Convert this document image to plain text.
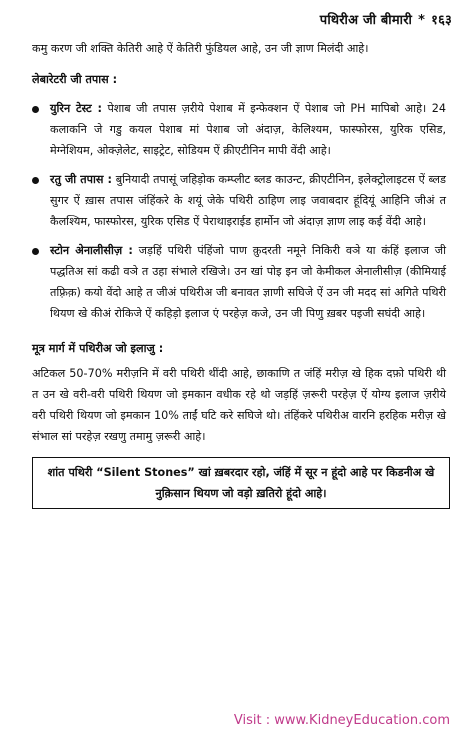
पथिरीअ जी बीमारी * १६३

कमु करण जी शक्ति केतिरी आहे ऐं केतिरी फुंडियल आहे, उन जी ज्ञाण मिलंदी आहे।

लेबारेटरी जी तपास :
युरिन टेस्ट : पेशाब जी तपास ज़रीये पेशाब में इन्फेक्शन ऐं पेशाब जो PH मापिबो आहे। 24 कलाकनि जे गडु कयल पेशाब मां पेशाब जो अंदाज़, केलिश्यम, फास्फोरस, युरिक एसिड, मेग्नेशियम, ओक्ज़ेलेट, साइट्रेट, सोडियम ऐं क्रीएटीनिन मापी वेंदी आहे।
रतु जी तपास : बुनियादी तपासूं जहिड़ोक कम्प्लीट ब्लड काउन्ट, क्रीएटीनिन, इलेक्ट्रोलाइटस ऐं ब्लड सुगर ऐं ख़ास तपास जंहिंकरे के शयूं जेके पथिरी ठाहिण लाइ जवाबदार हूंदियूं आहिनि जीअं त कैलश्यिम, फास्फोरस, युरिक एसिड ऐं पेराथाइराईड हार्मोन जो अंदाज़ ज्ञाण लाइ कई वेंदी आहे।
स्टोन अेनालीसीज़ : जड़हिं पथिरी पंहिंजो पाण क़ुदरती नमूने निकिरी वञे या कंहिं इलाज जी पद्धतिअ सां कढी वञे त उहा संभाले रखिजे। उन खां पोइ इन जो केमीकल अेनालीसीज़ (कीमियाई तफ़्रिक़) कयो वेंदो आहे त जीअं पथिरीअ जी बनावत ज्ञाणी सघिजे ऐं उन जी मदद सां अगिते पथिरी थियण खे कीअं रोकिजे ऐं कहिड़ो इलाज एं परहेज़ कजे, उन जी पिणु ख़बर पइजी सघंदी आहे।
मूत्र मार्ग में पथिरीअ जो इलाजु :

अटिकल 50-70% मरीज़नि में वरी पथिरी थींदी आहे, छाकाणि त जंहिं मरीज़ खे हिक दफ़ो पथिरी थी त उन खे वरी-वरी पथिरी थियण जो इमकान वधीक रहे थो जड़हिं ज़रूरी परहेज़ ऐं योग्य इलाज ज़रीये वरी पथिरी थियण जो इमकान 10% ताईं घटि करे सघिजे थो। तंहिंकरे पथिरीअ वारनि हरहिक मरीज़ खे संभाल सां परहेज़ रखणु तमामु ज़रूरी आहे।

शांत पथिरी “Silent Stones” खां ख़बरदार रहो, जंहिं में सूर न हूंदो आहे पर किडनीअ खे नुक़िसान थियण जो वड़ो ख़तिरो हूंदो आहे।
Visit : www.KidneyEducation.com
